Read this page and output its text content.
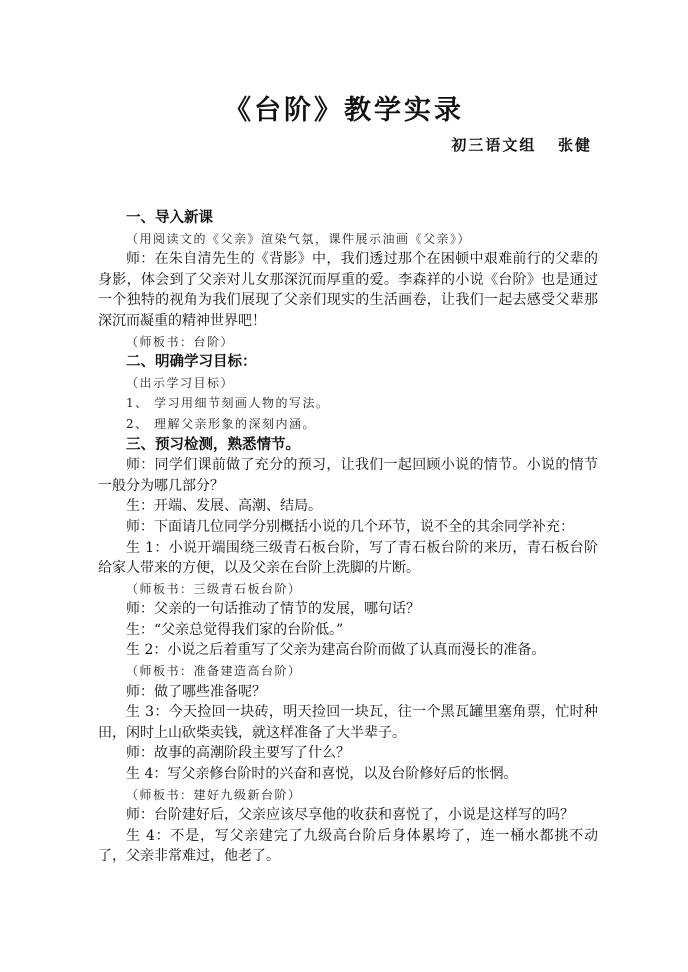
《台阶》教学实录
初三语文组   张健

一、导入新课

（用阅读文的《父亲》渲染气氛，课件展示油画《父亲》）

师：在朱自清先生的《背影》中，我们透过那个在困顿中艰难前行的父辈的身影，体会到了父亲对儿女那深沉而厚重的爱。李森祥的小说《台阶》也是通过一个独特的视角为我们展现了父亲们现实的生活画卷，让我们一起去感受父辈那深沉而凝重的精神世界吧！

（师板书：台阶）

二、明确学习目标：

（出示学习目标）

1、 学习用细节刻画人物的写法。

2、 理解父亲形象的深刻内涵。

三、预习检测，熟悉情节。

师：同学们课前做了充分的预习，让我们一起回顾小说的情节。小说的情节一般分为哪几部分？

生：开端、发展、高潮、结局。

师：下面请几位同学分别概括小说的几个环节，说不全的其余同学补充：

生 1：小说开端围绕三级青石板台阶，写了青石板台阶的来历，青石板台阶给家人带来的方便，以及父亲在台阶上洗脚的片断。

（师板书：三级青石板台阶）

师：父亲的一句话推动了情节的发展，哪句话？

生：“父亲总觉得我们家的台阶低。”

生 2：小说之后着重写了父亲为建高台阶而做了认真而漫长的准备。

（师板书：准备建造高台阶）

师：做了哪些准备呢？

生 3：今天捡回一块砖，明天捡回一块瓦，往一个黑瓦罐里塞角票，忙时种田，闲时上山砍柴卖钱，就这样准备了大半辈子。

师：故事的高潮阶段主要写了什么？

生 4：写父亲修台阶时的兴奋和喜悦，以及台阶修好后的怅惘。

（师板书：建好九级新台阶）

师：台阶建好后，父亲应该尽享他的收获和喜悦了，小说是这样写的吗？

生 4：不是，写父亲建完了九级高台阶后身体累垮了，连一桶水都挑不动了，父亲非常难过，他老了。
